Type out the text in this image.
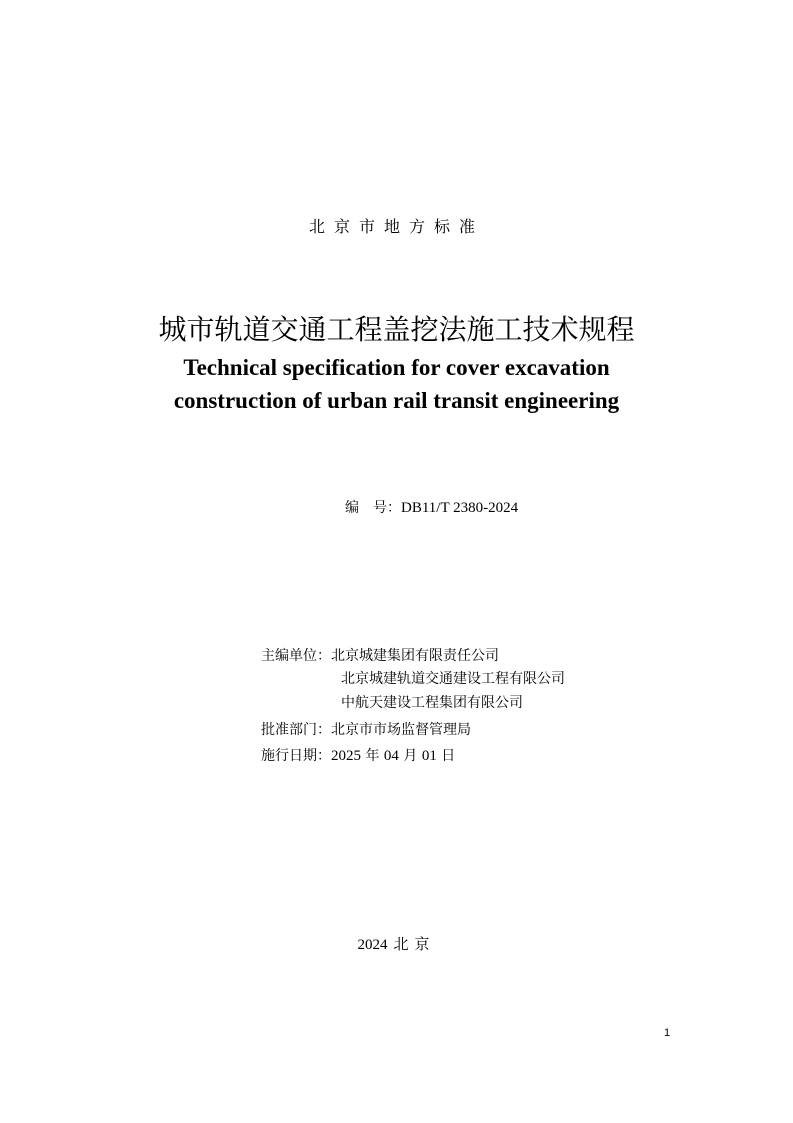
北京市地方标准
城市轨道交通工程盖挖法施工技术规程
Technical specification for cover excavation
construction of urban rail transit engineering
编　号：DB11/T 2380-2024
主编单位：北京城建集团有限责任公司
北京城建轨道交通建设工程有限公司
中航天建设工程集团有限公司
批准部门：北京市市场监督管理局
施行日期：2025 年 04 月 01 日
2024 北京
1
